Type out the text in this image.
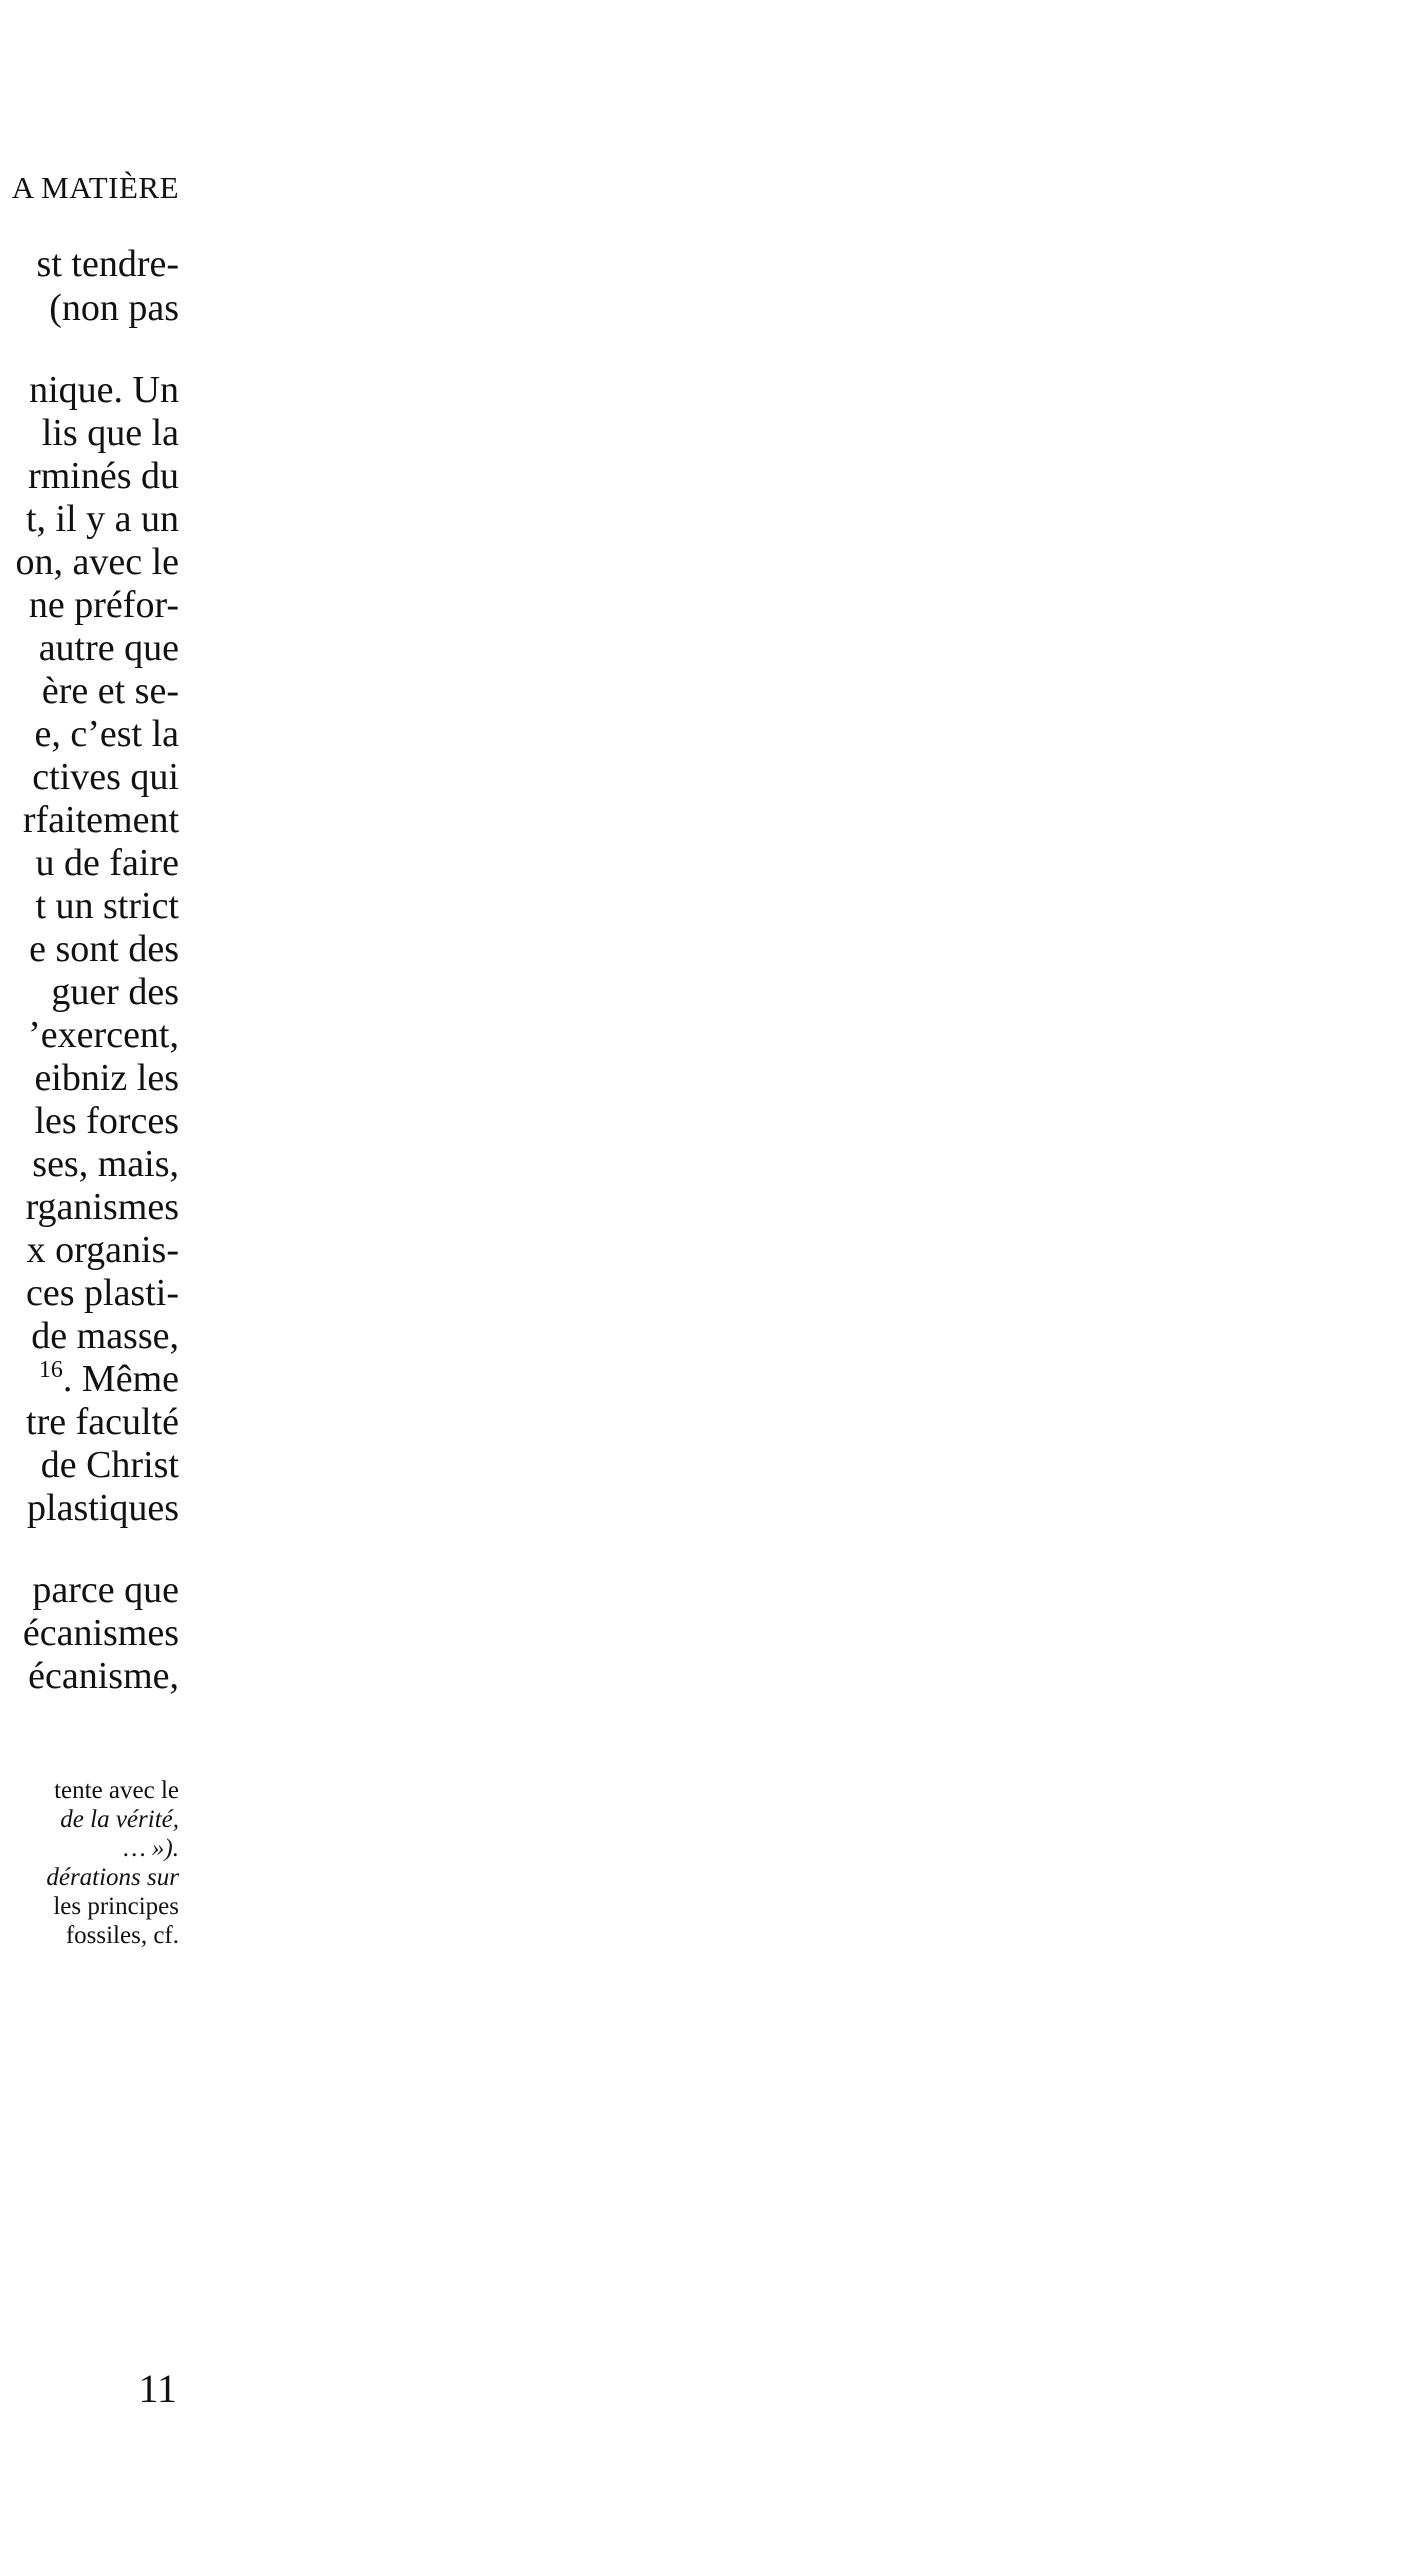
A MATIÈRE
st tendre-
(non pas
nique. Un
lis que la
rminés du
t, il y a un
on, avec le
ne préfor-
autre que
ère et se-
e, c’est la
ctives qui
rfaitement
u de faire
t un strict
e sont des
guer des
’exercent,
eibniz les
les forces
ses, mais,
rganismes
x organis-
ces plasti-
de masse,
$^{16}$. Même
tre faculté
de Christ
plastiques
parce que
écanismes
écanisme,
tente avec le
de la vérité,
… »).
dérations sur
les principes
fossiles, cf.
11
